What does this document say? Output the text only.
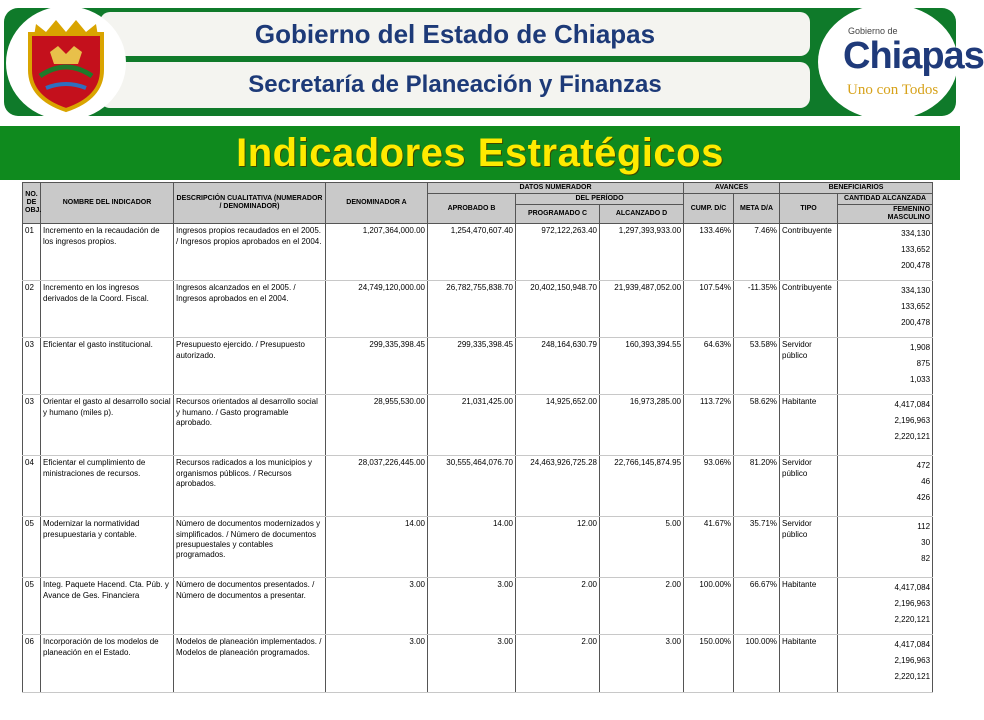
Gobierno del Estado de Chiapas
Secretaría de Planeación y Finanzas
Gobierno de
Chiapas
Uno con Todos
Indicadores Estratégicos
NO. DE OBJ.	NOMBRE DEL INDICADOR	DESCRIPCIÓN CUALITATIVA (NUMERADOR / DENOMINADOR)	DENOMINADOR A	DATOS NUMERADOR			AVANCES		BENEFICIARIOS	
				APROBADO B	DEL PERÍODO		CUMP. D/C	META D/A	TIPO	CANTIDAD ALCANZADA
					PROGRAMADO C	ALCANZADO D				FEMENINO
MASCULINO

01	Incremento en la recaudación de los ingresos propios.	Ingresos propios recaudados en el 2005. / Ingresos propios aprobados en el 2004.	1,207,364,000.00	1,254,470,607.40	972,122,263.40	1,297,393,933.00	133.46%	7.46%	Contribuyente	334,130
133,652
200,478

02	Incremento en los ingresos derivados de la Coord. Fiscal.	Ingresos alcanzados en el 2005. / Ingresos aprobados en el 2004.	24,749,120,000.00	26,782,755,838.70	20,402,150,948.70	21,939,487,052.00	107.54%	-11.35%	Contribuyente	334,130
133,652
200,478

03	Eficientar el gasto institucional.	Presupuesto ejercido. / Presupuesto autorizado.	299,335,398.45	299,335,398.45	248,164,630.79	160,393,394.55	64.63%	53.58%	Servidor público	1,908
875
1,033

03	Orientar el gasto al desarrollo social y humano (miles p).	Recursos orientados al desarrollo social y humano. / Gasto programable aprobado.	28,955,530.00	21,031,425.00	14,925,652.00	16,973,285.00	113.72%	58.62%	Habitante	4,417,084
2,196,963
2,220,121

04	Eficientar el cumplimiento de ministraciones de recursos.	Recursos radicados a los municipios y organismos públicos. / Recursos aprobados.	28,037,226,445.00	30,555,464,076.70	24,463,926,725.28	22,766,145,874.95	93.06%	81.20%	Servidor público	472
46
426

05	Modernizar la normatividad presupuestaria y contable.	Número de documentos modernizados y simplificados. / Número de documentos presupuestales y contables programados.	14.00	14.00	12.00	5.00	41.67%	35.71%	Servidor público	112
30
82

05	Integ. Paquete Hacend. Cta. Púb. y Avance de Ges. Financiera	Número de documentos presentados. / Número de documentos a presentar.	3.00	3.00	2.00	2.00	100.00%	66.67%	Habitante	4,417,084
2,196,963
2,220,121

06	Incorporación de los modelos de planeación en el Estado.	Modelos de planeación implementados. / Modelos de planeación programados.	3.00	3.00	2.00	3.00	150.00%	100.00%	Habitante	4,417,084
2,196,963
2,220,121
